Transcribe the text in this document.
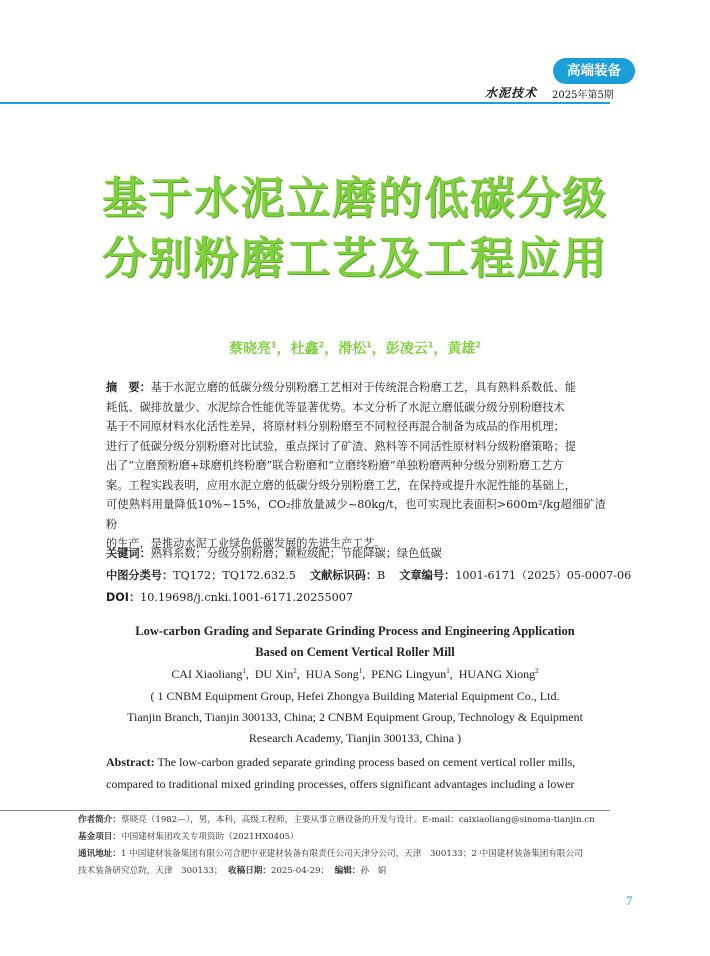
高端装备
水泥技术 2025年第5期
基于水泥立磨的低碳分级
分别粉磨工艺及工程应用
蔡晓亮$^1$，杜鑫$^2$，滑松$^1$，彭凌云$^1$，黄雄$^2$
摘　要：基于水泥立磨的低碳分级分别粉磨工艺相对于传统混合粉磨工艺，具有熟料系数低、能
耗低、碳排放量少、水泥综合性能优等显著优势。本文分析了水泥立磨低碳分级分别粉磨技术
基于不同原材料水化活性差异，将原材料分别粉磨至不同粒径再混合制备为成品的作用机理；
进行了低碳分级分别粉磨对比试验，重点探讨了矿渣、熟料等不同活性原材料分级粉磨策略；提
出了“立磨预粉磨+球磨机终粉磨”联合粉磨和“立磨终粉磨”单独粉磨两种分级分别粉磨工艺方
案。工程实践表明，应用水泥立磨的低碳分级分别粉磨工艺，在保持或提升水泥性能的基础上，
可使熟料用量降低10%~15%，CO₂排放量减少~80kg/t，也可实现比表面积>600m²/kg超细矿渣粉
的生产，是推动水泥工业绿色低碳发展的先进生产工艺。
关键词：熟料系数；分级分别粉磨；颗粒级配；节能降碳；绿色低碳
中图分类号：TQ172；TQ172.632.5 文献标识码：B 文章编号：1001-6171（2025）05-0007-06
DOI：10.19698/j.cnki.1001-6171.20255007
Low-carbon Grading and Separate Grinding Process and Engineering Application
Based on Cement Vertical Roller Mill
CAI Xiaoliang$^1$,  DU Xin$^2$,  HUA Song$^1$,  PENG Lingyun$^1$,  HUANG Xiong$^2$
( 1 CNBM Equipment Group, Hefei Zhongya Building Material Equipment Co., Ltd.
Tianjin Branch, Tianjin 300133, China; 2 CNBM Equipment Group, Technology & Equipment
Research Academy, Tianjin 300133, China )
Abstract: The low-carbon graded separate grinding process based on cement vertical roller mills,
compared to traditional mixed grinding processes, offers significant advantages including a lower
作者简介：蔡晓亮（1982—），男，本科，高级工程师，主要从事立磨设备的开发与设计。E-mail：caixiaoliang@sinoma-tianjin.cn
基金项目：中国建材集团攻关专项资助（2021HX0405）
通讯地址：1 中国建材装备集团有限公司合肥中亚建材装备有限责任公司天津分公司，天津　300133；2 中国建材装备集团有限公司
技术装备研究总院，天津　300133； 收稿日期：2025-04-29； 编辑：孙　娟
7
